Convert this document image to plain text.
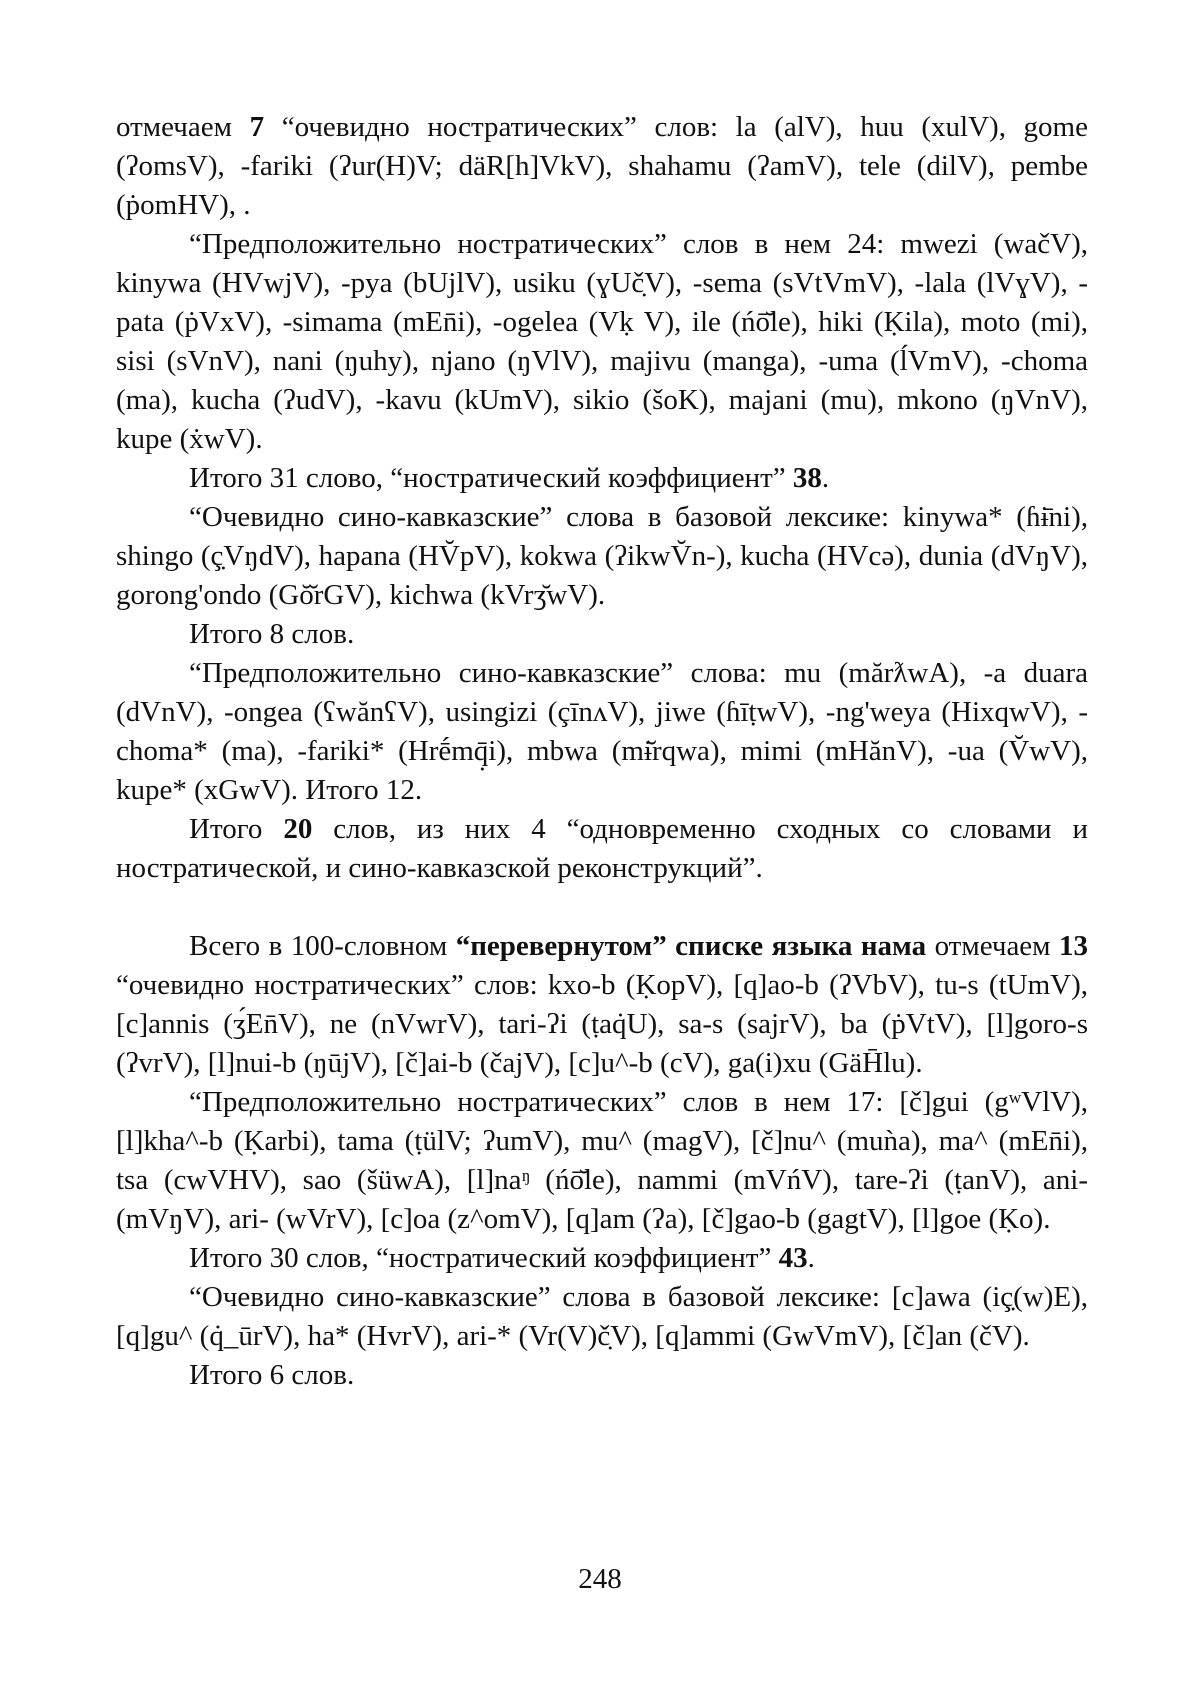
отмечаем 7 “очевидно ностратических” слов: la (alV), huu (xulV), gome (ʔomsV), -fariki (ʔur(H)V; däR[h]VkV), shahamu (ʔamV), tele (dilV), pembe (ṗomHV), .

“Предположительно ностратических” слов в нем 24: mwezi (wačV), kinywa (HVwjV), -pya (bUjlV), usiku (ɣUč̣V), -sema (sVtVmV), -lala (lVɣV), -pata (ṗVxV), -simama (mEn̄i), -ogelea (Vḳ V), ile (ńō̆le), hiki (Ḳila), moto (mi), sisi (sVnV), nani (ŋuhy), njano (ŋVlV), majivu (manga), -uma (ĺVmV), -choma (ma), kucha (ʔudV), -kavu (kUmV), sikio (šoK), majani (mu), mkono (ŋVnV), kupe (ẋwV).

Итого 31 слово, “ностратический коэффициент” 38.

“Очевидно сино-кавказские” слова в базовой лексике: kinywa* (ɦɨ̄ni), shingo (ç̣VŋdV), hapana (HV̆pV), kokwa (ʔikwV̆n-), kucha (HVcə), dunia (dVŋV), gorong'ondo (Gŏ̆rGV), kichwa (kVrʒ̆wV).

Итого 8 слов.

“Предположительно сино-кавказские” слова: mu (mărƛwA), -a duara (dVnV), -ongea (ʕwănʕV), usingizi (çīnʌV), jiwe (ɦīṭwV), -ng'weya (HixqwV), -choma* (ma), -fariki* (Hrḗmq̣̄i), mbwa (mɨ̆rqwa), mimi (mHănV), -ua (V̆wV), kupe* (xGwV). Итого 12.

Итого 20 слов, из них 4 “одновременно сходных со словами и ностратической, и сино-кавказской реконструкций”.

Всего в 100-словном “перевернутом” списке языка нама отмечаем 13 “очевидно ностратических” слов: kxo-b (ḲopV), [q]ao-b (ʔVbV), tu-s (tUmV), [c]annis (ʒ́En̄V), ne (nVwrV), tari-ʔi (ṭaq̇U), sa-s (sajrV), ba (ṗVtV), [l]goro-s (ʔvrV), [l]nui-b (ŋūjV), [č]ai-b (čajV), [c]u^-b (cV), ga(i)xu (GäH̄lu).

“Предположительно ностратических” слов в нем 17: [č]gui (gʷVlV), [l]kha^-b (Ḳarbi), tama (ṭülV; ʔumV), mu^ (magV), [č]nu^ (muǹa), ma^ (mEn̄i), tsa (cwVHV), sao (šüwA), [l]naᵑ (ńō̆le), nammi (mVńV), tare-ʔi (ṭanV), ani- (mVŋV), ari- (wVrV), [c]oa (z^omV), [q]am (ʔa), [č]gao-b (gagtV), [l]goe (Ḳo).

Итого 30 слов, “ностратический коэффициент” 43.

“Очевидно сино-кавказские” слова в базовой лексике: [c]awa (iç̣(w)E), [q]gu^ (q̇_ūrV), ha* (HvrV), ari-* (Vr(V)č̣V), [q]ammi (GwVmV), [č]an (čV).

Итого 6 слов.

248
